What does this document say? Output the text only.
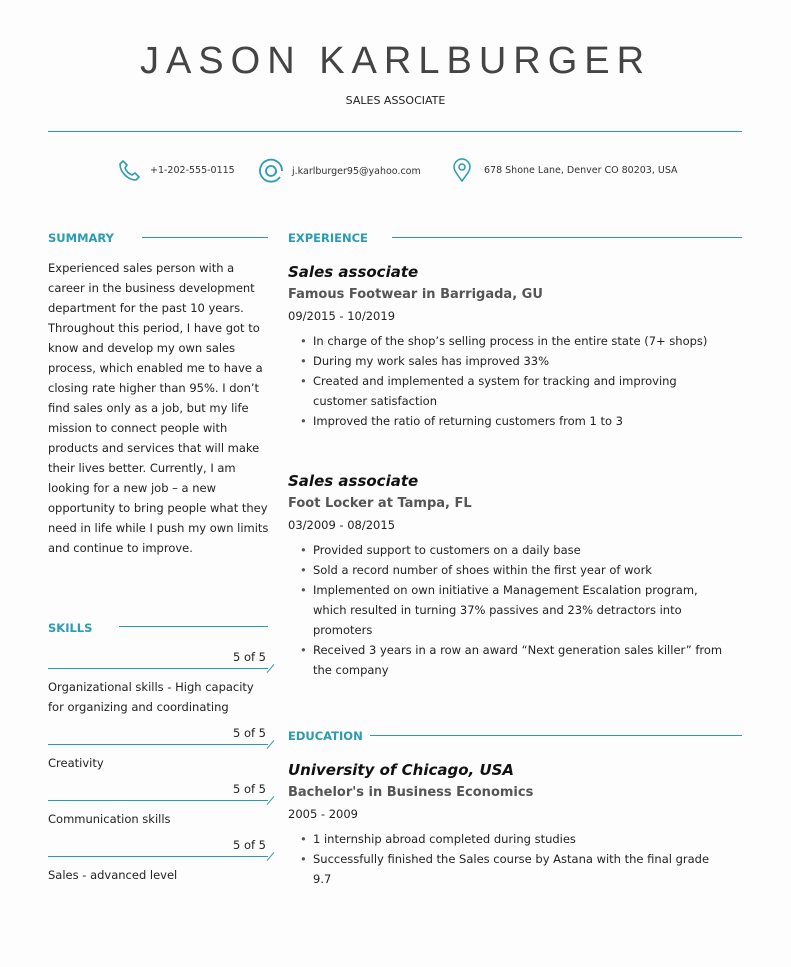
JASON KARLBURGER
SALES ASSOCIATE
+1-202-555-0115	j.karlburger95@yahoo.com	678 Shone Lane, Denver CO 80203, USA
SUMMARY
Experienced sales person with a career in the business development department for the past 10 years. Throughout this period, I have got to know and develop my own sales process, which enabled me to have a closing rate higher than 95%. I don’t find sales only as a job, but my life mission to connect people with products and services that will make their lives better. Currently, I am looking for a new job – a new opportunity to bring people what they need in life while I push my own limits and continue to improve.
SKILLS
5 of 5
Organizational skills - High capacity for organizing and coordinating
5 of 5
Creativity
5 of 5
Communication skills
5 of 5
Sales - advanced level
EXPERIENCE
Sales associate
Famous Footwear in Barrigada, GU
09/2015 - 10/2019
• In charge of the shop’s selling process in the entire state (7+ shops)
• During my work sales has improved 33%
• Created and implemented a system for tracking and improving customer satisfaction
• Improved the ratio of returning customers from 1 to 3
Sales associate
Foot Locker at Tampa, FL
03/2009 - 08/2015
• Provided support to customers on a daily base
• Sold a record number of shoes within the first year of work
• Implemented on own initiative a Management Escalation program, which resulted in turning 37% passives and 23% detractors into promoters
• Received 3 years in a row an award “Next generation sales killer” from the company
EDUCATION
University of Chicago, USA
Bachelor's in Business Economics
2005 - 2009
• 1 internship abroad completed during studies
• Successfully finished the Sales course by Astana with the final grade 9.7
